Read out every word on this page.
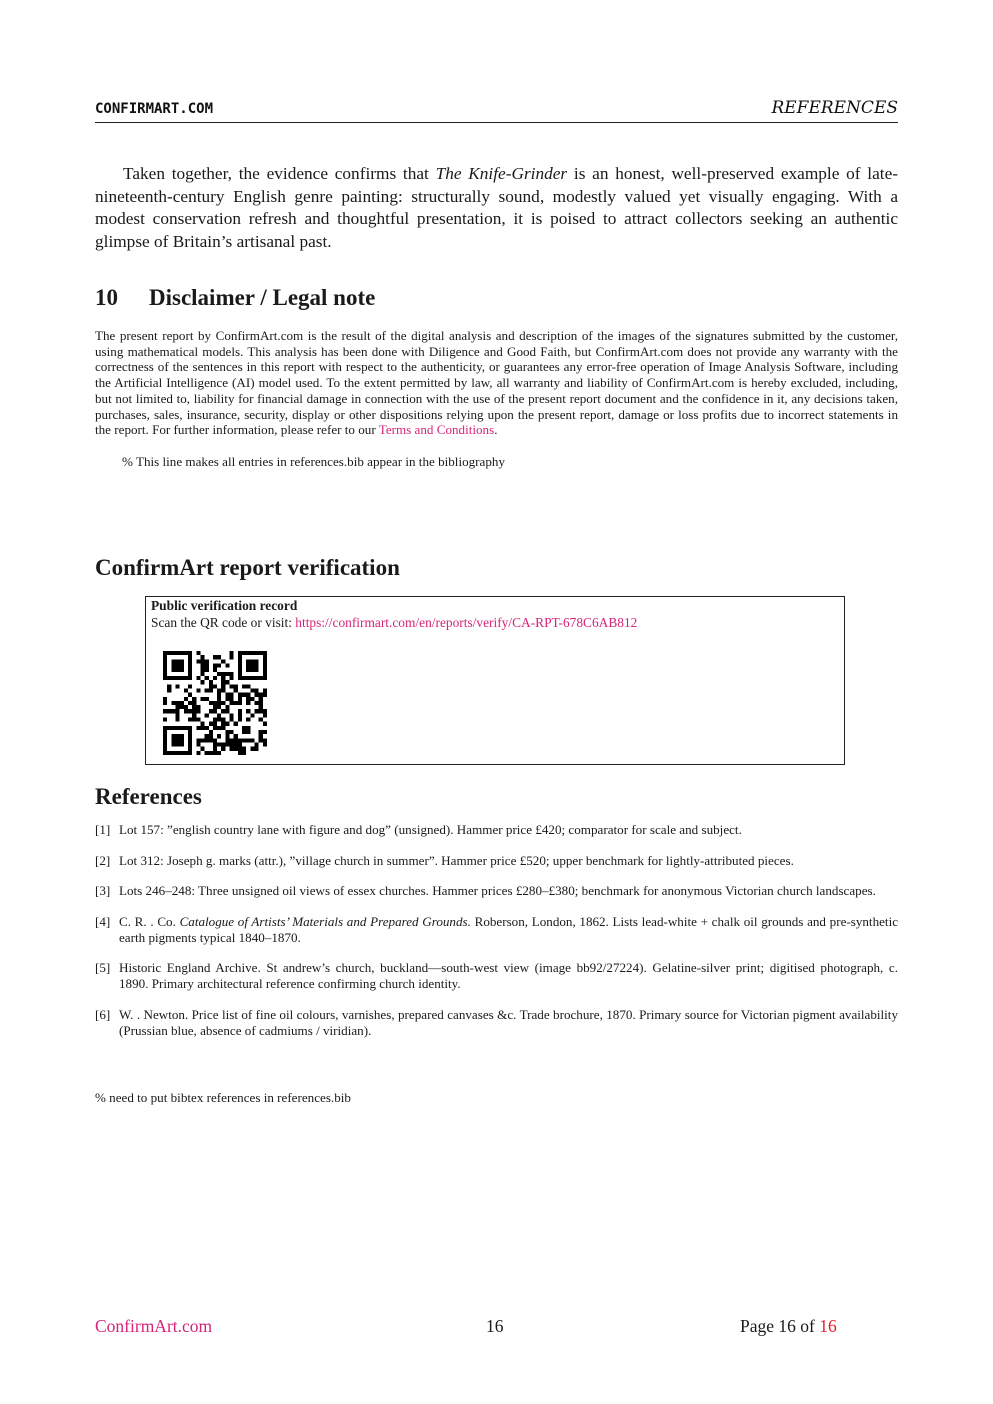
CONFIRMART.COM	REFERENCES

Taken together, the evidence confirms that The Knife-Grinder is an honest, well-preserved example of late-nineteenth-century English genre painting: structurally sound, modestly valued yet visually engaging. With a modest conservation refresh and thoughtful presentation, it is poised to attract collectors seeking an authentic glimpse of Britain’s artisanal past.

10 Disclaimer / Legal note

The present report by ConfirmArt.com is the result of the digital analysis and description of the images of the signatures submitted by the customer, using mathematical models. This analysis has been done with Diligence and Good Faith, but ConfirmArt.com does not provide any warranty with the correctness of the sentences in this report with respect to the authenticity, or guarantees any error-free operation of Image Analysis Software, including the Artificial Intelligence (AI) model used. To the extent permitted by law, all warranty and liability of ConfirmArt.com is hereby excluded, including, but not limited to, liability for financial damage in connection with the use of the present report document and the confidence in it, any decisions taken, purchases, sales, insurance, security, display or other dispositions relying upon the present report, damage or loss profits due to incorrect statements in the report. For further information, please refer to our Terms and Conditions.

% This line makes all entries in references.bib appear in the bibliography

ConfirmArt report verification
Public verification record
Scan the QR code or visit: https://confirmart.com/en/reports/verify/CA-RPT-678C6AB812
References
[1] Lot 157: ”english country lane with figure and dog” (unsigned). Hammer price £420; comparator for scale and subject.
[2] Lot 312: Joseph g. marks (attr.), ”village church in summer”. Hammer price £520; upper benchmark for lightly-attributed pieces.
[3] Lots 246–248: Three unsigned oil views of essex churches. Hammer prices £280–£380; benchmark for anonymous Victorian church landscapes.
[4] C. R. . Co. Catalogue of Artists’ Materials and Prepared Grounds. Roberson, London, 1862. Lists lead-white + chalk oil grounds and pre-synthetic earth pigments typical 1840–1870.
[5] Historic England Archive. St andrew’s church, buckland—south-west view (image bb92/27224). Gelatine-silver print; digitised photograph, c. 1890. Primary architectural reference confirming church identity.
[6] W. . Newton. Price list of fine oil colours, varnishes, prepared canvases &c. Trade brochure, 1870. Primary source for Victorian pigment availability (Prussian blue, absence of cadmiums / viridian).

% need to put bibtex references in references.bib

ConfirmArt.com	16	Page 16 of 16
